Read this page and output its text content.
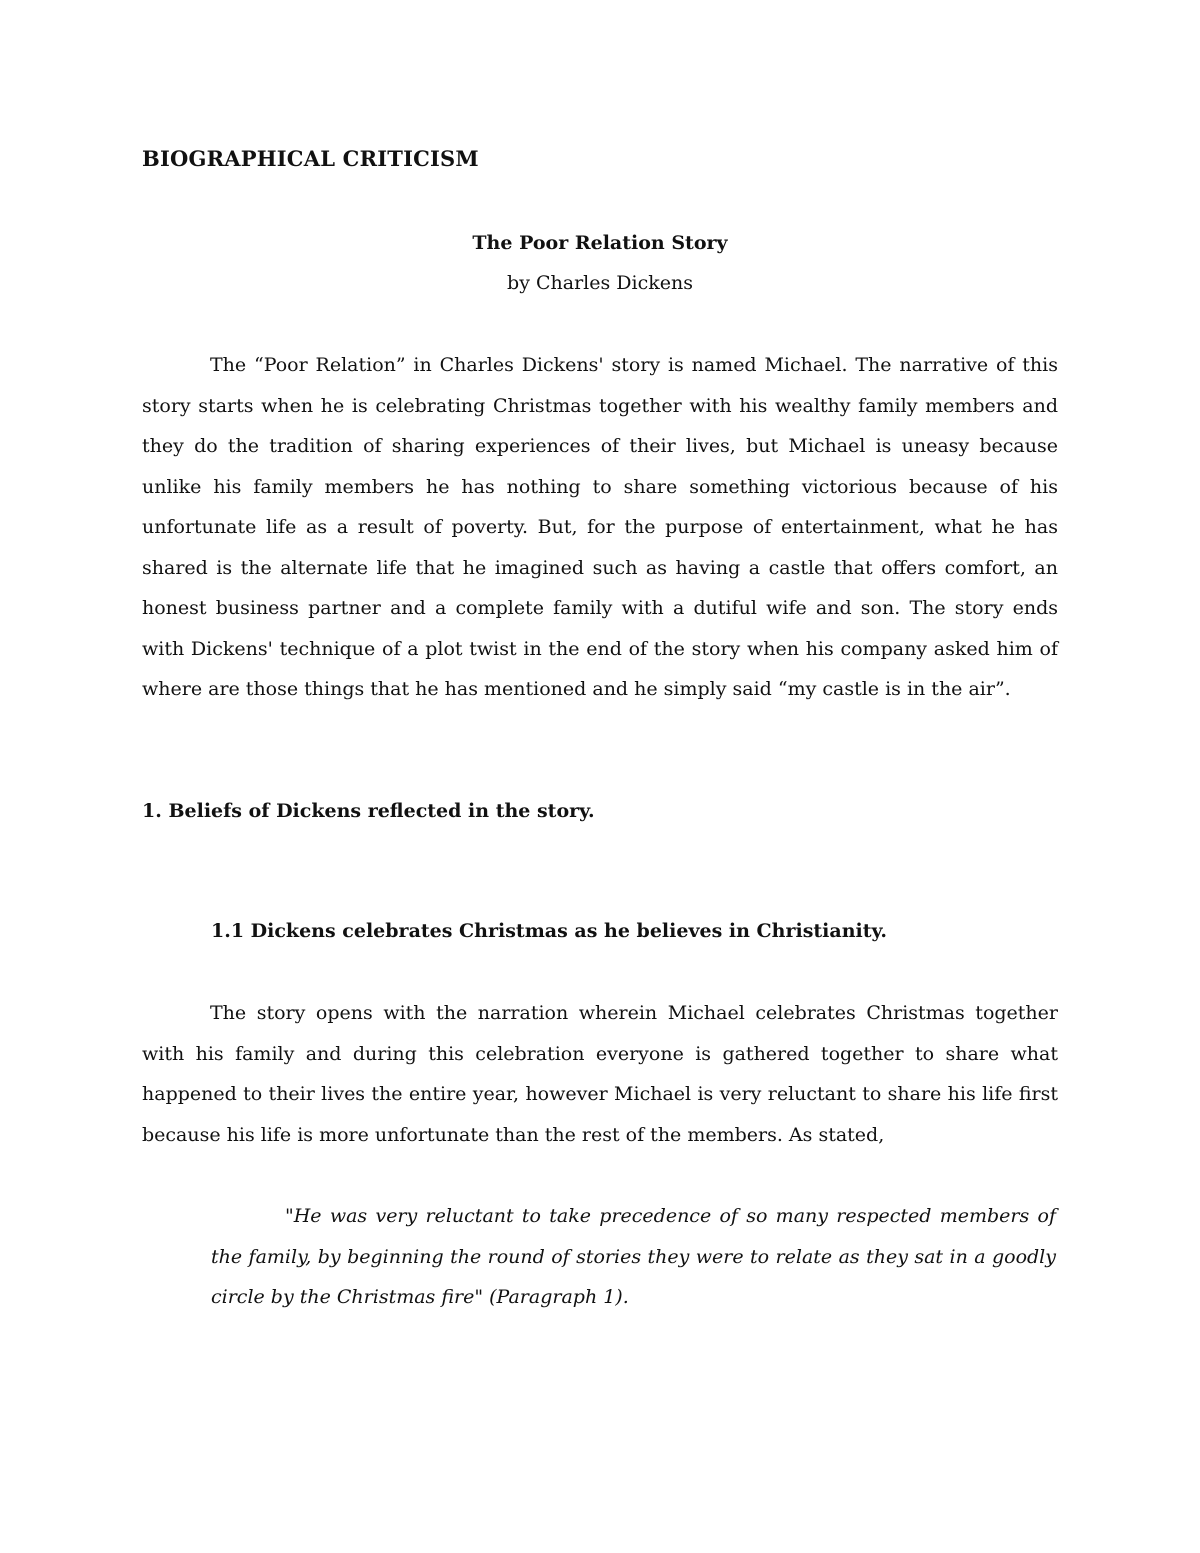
BIOGRAPHICAL CRITICISM
The Poor Relation Story
by Charles Dickens

The “Poor Relation” in Charles Dickens' story is named Michael. The narrative of this story starts when he is celebrating Christmas together with his wealthy family members and they do the tradition of sharing experiences of their lives, but Michael is uneasy because unlike his family members he has nothing to share something victorious because of his unfortunate life as a result of poverty. But, for the purpose of entertainment, what he has shared is the alternate life that he imagined such as having a castle that offers comfort, an honest business partner and a complete family with a dutiful wife and son. The story ends with Dickens' technique of a plot twist in the end of the story when his company asked him of where are those things that he has mentioned and he simply said “my castle is in the air”.

1. Beliefs of Dickens reflected in the story.
1.1 Dickens celebrates Christmas as he believes in Christianity.

The story opens with the narration wherein Michael celebrates Christmas together with his family and during this celebration everyone is gathered together to share what happened to their lives the entire year, however Michael is very reluctant to share his life first because his life is more unfortunate than the rest of the members. As stated,

"He was very reluctant to take precedence of so many respected members of the family, by beginning the round of stories they were to relate as they sat in a goodly circle by the Christmas fire" (Paragraph 1).
